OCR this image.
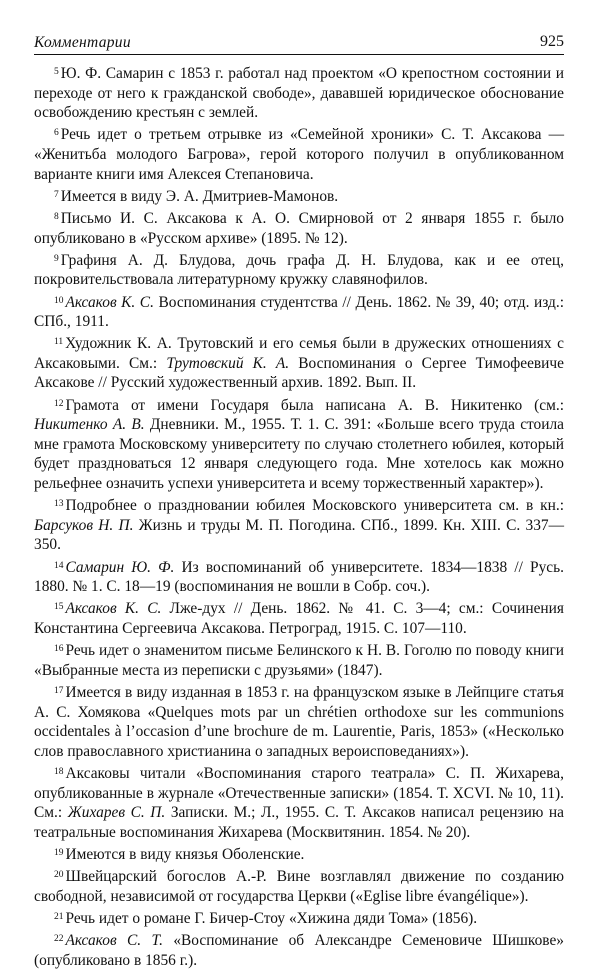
Комментарии	925

$^5$ Ю. Ф. Самарин с 1853 г. работал над проектом «О крепостном состоянии и переходе от него к гражданской свободе», дававшей юридическое обоснование освобождению крестьян с землей.

$^6$ Речь идет о третьем отрывке из «Семейной хроники» С. Т. Аксакова — «Женитьба молодого Багрова», герой которого получил в опубликованном варианте книги имя Алексея Степановича.

$^7$ Имеется в виду Э. А. Дмитриев-Мамонов.

$^8$ Письмо И. С. Аксакова к А. О. Смирновой от 2 января 1855 г. было опубликовано в «Русском архиве» (1895. № 12).

$^9$ Графиня А. Д. Блудова, дочь графа Д. Н. Блудова, как и ее отец, покровительствовала литературному кружку славянофилов.

$^{10}$ Аксаков К. С. Воспоминания студентства // День. 1862. № 39, 40; отд. изд.: СПб., 1911.

$^{11}$ Художник К. А. Трутовский и его семья были в дружеских отношениях с Аксаковыми. См.: Трутовский К. А. Воспоминания о Сергее Тимофеевиче Аксакове // Русский художественный архив. 1892. Вып. II.

$^{12}$ Грамота от имени Государя была написана А. В. Никитенко (см.: Никитенко А. В. Дневники. М., 1955. Т. 1. С. 391: «Больше всего труда стоила мне грамота Московскому университету по случаю столетнего юбилея, который будет праздноваться 12 января следующего года. Мне хотелось как можно рельефнее означить успехи университета и всему торжественный характер»).

$^{13}$ Подробнее о праздновании юбилея Московского университета см. в кн.: Барсуков Н. П. Жизнь и труды М. П. Погодина. СПб., 1899. Кн. XIII. С. 337—350.

$^{14}$ Самарин Ю. Ф. Из воспоминаний об университете. 1834—1838 // Русь. 1880. № 1. С. 18—19 (воспоминания не вошли в Собр. соч.).

$^{15}$ Аксаков К. С. Лже-дух // День. 1862. № 41. С. 3—4; см.: Сочинения Константина Сергеевича Аксакова. Петроград, 1915. С. 107—110.

$^{16}$ Речь идет о знаменитом письме Белинского к Н. В. Гоголю по поводу книги «Выбранные места из переписки с друзьями» (1847).

$^{17}$ Имеется в виду изданная в 1853 г. на французском языке в Лейпциге статья А. С. Хомякова «Quelques mots par un chrétien orthodoxe sur les communions occidentales à l’occasion d’une brochure de m. Laurentie, Paris, 1853» («Несколько слов православного христианина о западных вероисповеданиях»).

$^{18}$ Аксаковы читали «Воспоминания старого театрала» С. П. Жихарева, опубликованные в журнале «Отечественные записки» (1854. Т. XCVI. № 10, 11). См.: Жихарев С. П. Записки. М.; Л., 1955. С. Т. Аксаков написал рецензию на театральные воспоминания Жихарева (Москвитянин. 1854. № 20).

$^{19}$ Имеются в виду князья Оболенские.

$^{20}$ Швейцарский богослов А.-Р. Вине возглавлял движение по созданию свободной, независимой от государства Церкви («Eglise libre évangélique»).

$^{21}$ Речь идет о романе Г. Бичер-Стоу «Хижина дяди Тома» (1856).

$^{22}$ Аксаков С. Т. «Воспоминание об Александре Семеновиче Шишкове» (опубликовано в 1856 г.).
